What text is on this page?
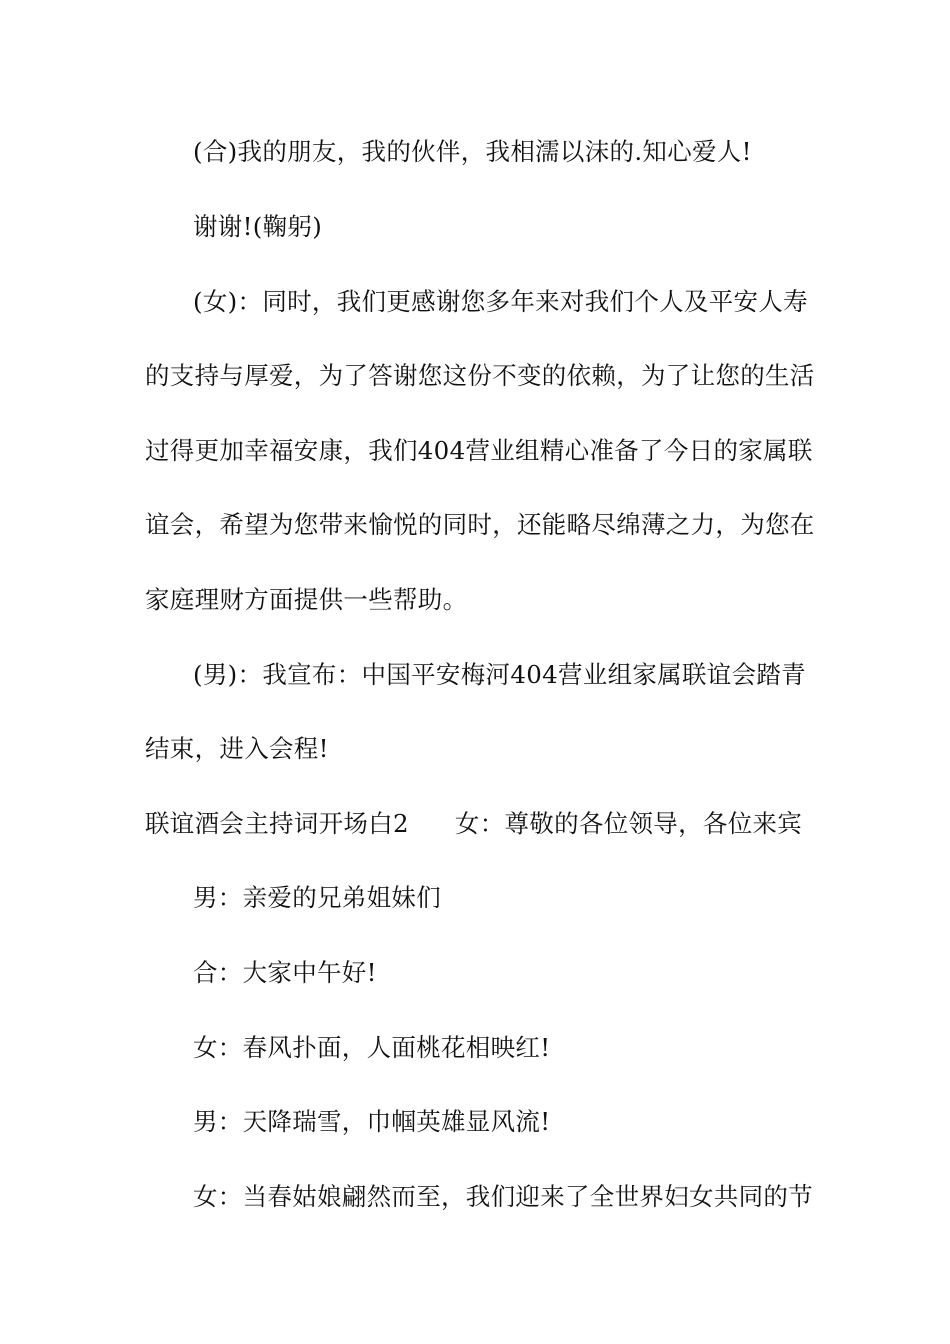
(合)我的朋友，我的伙伴，我相濡以沫的.知心爱人!
谢谢!(鞠躬)
(女)：同时，我们更感谢您多年来对我们个人及平安人寿
的支持与厚爱，为了答谢您这份不变的依赖，为了让您的生活
过得更加幸福安康，我们404营业组精心准备了今日的家属联
谊会，希望为您带来愉悦的同时，还能略尽绵薄之力，为您在
家庭理财方面提供一些帮助。
(男)：我宣布：中国平安梅河404营业组家属联谊会踏青
结束，进入会程!
联谊酒会主持词开场白2 女：尊敬的各位领导，各位来宾
男：亲爱的兄弟姐妹们
合：大家中午好!
女：春风扑面，人面桃花相映红!
男：天降瑞雪，巾帼英雄显风流!
女：当春姑娘翩然而至，我们迎来了全世界妇女共同的节
